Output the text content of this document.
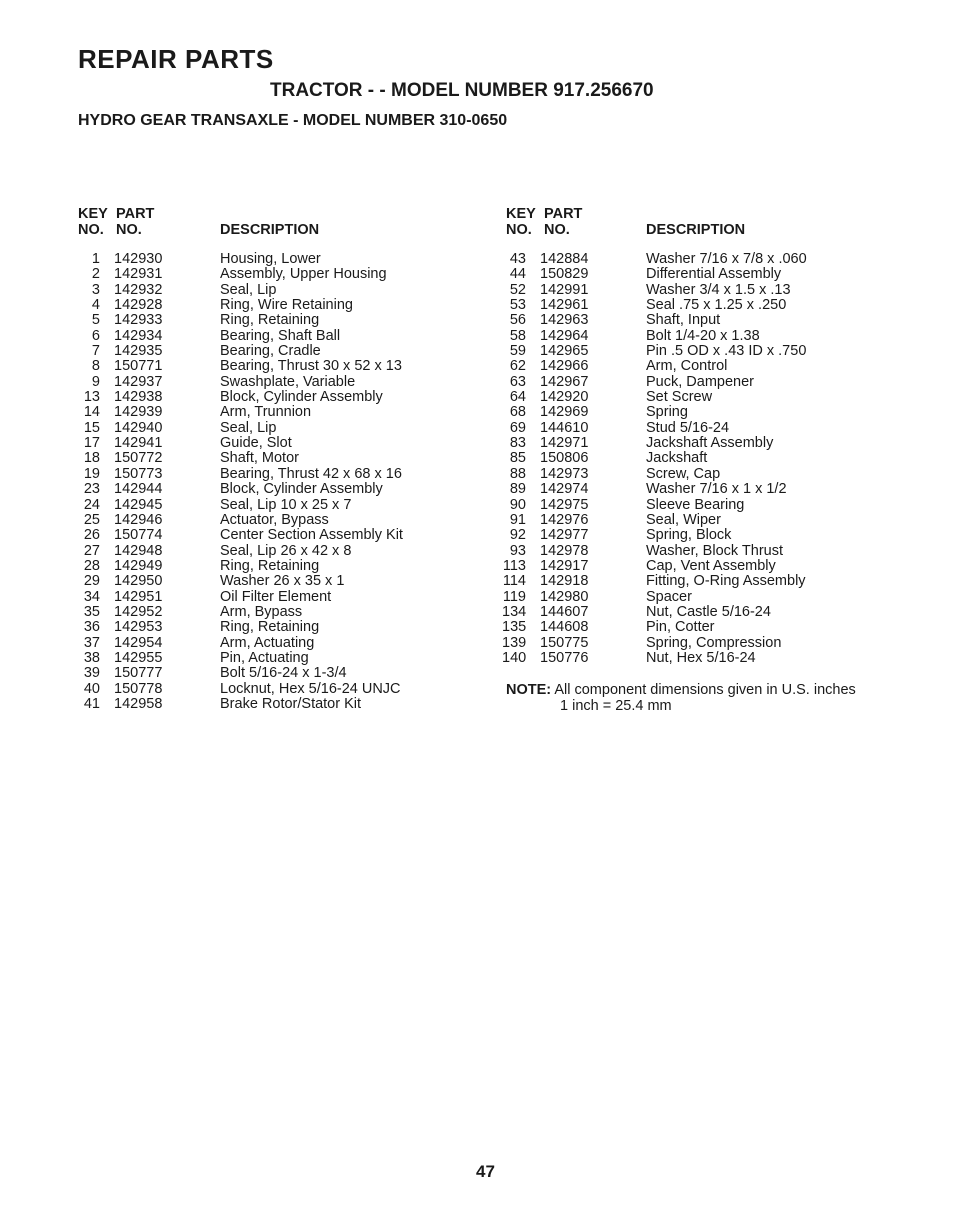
REPAIR PARTS
TRACTOR - - MODEL NUMBER 917.256670
HYDRO GEAR TRANSAXLE - MODEL NUMBER 310-0650
KEY
NO.
PART
NO.	DESCRIPTION
1 142930	Housing, Lower
2 142931	Assembly, Upper Housing
3 142932	Seal, Lip
4 142928	Ring, Wire Retaining
5 142933	Ring, Retaining
6 142934	Bearing, Shaft Ball
7 142935	Bearing, Cradle
8 150771	Bearing, Thrust 30 x 52 x 13
9 142937	Swashplate, Variable
13 142938	Block, Cylinder Assembly
14 142939	Arm, Trunnion
15 142940	Seal, Lip
17 142941	Guide, Slot
18 150772	Shaft, Motor
19 150773	Bearing, Thrust 42 x 68 x 16
23 142944	Block, Cylinder Assembly
24 142945	Seal, Lip 10 x 25 x 7
25 142946	Actuator, Bypass
26 150774	Center Section Assembly Kit
27 142948	Seal, Lip 26 x 42 x 8
28 142949	Ring, Retaining
29 142950	Washer 26 x 35 x 1
34 142951	Oil Filter Element
35 142952	Arm, Bypass
36 142953	Ring, Retaining
37 142954	Arm, Actuating
38 142955	Pin, Actuating
39 150777	Bolt 5/16-24 x 1-3/4
40 150778	Locknut, Hex 5/16-24 UNJC
41 142958	Brake Rotor/Stator Kit
KEY
NO.
PART
NO.	DESCRIPTION
43 142884	Washer 7/16 x 7/8 x .060
44 150829	Differential Assembly
52 142991	Washer 3/4 x 1.5 x .13
53 142961	Seal .75 x 1.25 x .250
56 142963	Shaft, Input
58 142964	Bolt 1/4-20 x 1.38
59 142965	Pin .5 OD x .43 ID x .750
62 142966	Arm, Control
63 142967	Puck, Dampener
64 142920	Set Screw
68 142969	Spring
69 144610	Stud 5/16-24
83 142971	Jackshaft Assembly
85 150806	Jackshaft
88 142973	Screw, Cap
89 142974	Washer 7/16 x 1 x 1/2
90 142975	Sleeve Bearing
91 142976	Seal, Wiper
92 142977	Spring, Block
93 142978	Washer, Block Thrust
113 142917	Cap, Vent Assembly
114 142918	Fitting, O-Ring Assembly
119 142980	Spacer
134 144607	Nut, Castle 5/16-24
135 144608	Pin, Cotter
139 150775	Spring, Compression
140 150776	Nut, Hex 5/16-24
NOTE: All component dimensions given in U.S. inches
1 inch = 25.4 mm
47
